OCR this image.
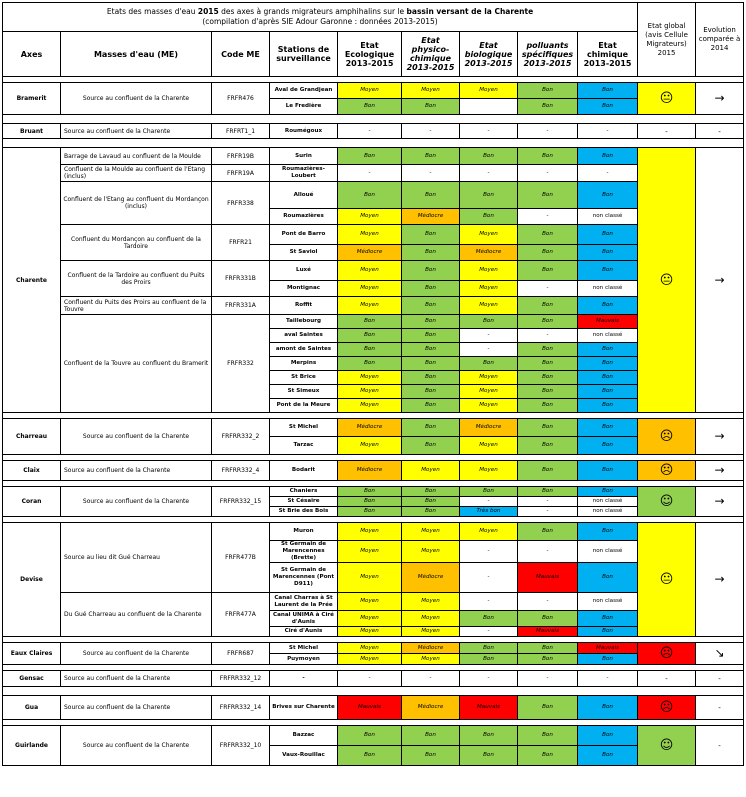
Etats des masses d'eau 2015 des axes à grands migrateurs amphihalins sur le bassin versant de la Charente
(compilation d'après SIE Adour Garonne : données 2013-2015)									Etat global (avis Cellule Migrateurs) 2015	Evolution comparée à 2014
Axes	Masses d'eau (ME)	Code ME	Stations de surveillance	Etat Ecologique 2013-2015	Etat physico-chimique 2013-2015	Etat biologique 2013-2015	polluants spécifiques 2013-2015	Etat chimique 2013-2015		

Bramerit	Source au confluent de la Charente	FRFR476	Aval de Grandjean	Moyen	Moyen	Moyen	Bon	Bon	😐	→
			Le Fredière	Bon	Bon		Bon	Bon		

Bruant	Source au confluent de la Charente	FRFRT1_1	Roumégoux	-	-	-	-	-	-	-

Charente	Barrage de Lavaud au confluent de la Moulde	FRFR19B	Surin	Bon	Bon	Bon	Bon	Bon	😐	→
	Confluent de la Moulde au confluent de l'Etang (inclus)	FRFR19A	Roumazières-Loubert	-	-	-	-	-		
	Confluent de l'Etang au confluent du Mordançon (inclus)	FRFR338	Alloué	Bon	Bon	Bon	Bon	Bon		
			Roumazières	Moyen	Médiocre	Bon	-	non classé		
	Confluent du Mordançon au confluent de la Tardoire	FRFR21	Pont de Barro	Moyen	Bon	Moyen	Bon	Bon		
			St Saviol	Médiocre	Bon	Médiocre	Bon	Bon		
	Confluent de la Tardoire au confluent du Puits des Proirs	FRFR331B	Luxé	Moyen	Bon	Moyen	Bon	Bon		
			Montignac	Moyen	Bon	Moyen	-	non classé		
	Confluent du Puits des Proirs au confluent de la Touvre	FRFR331A	Roffit	Moyen	Bon	Moyen	Bon	Bon		
	Confluent de la Touvre au confluent du Bramerit	FRFR332	Taillebourg	Bon	Bon	Bon	Bon	Mauvais		
			aval Saintes	Bon	Bon	-	-	non classé		
			amont de Saintes	Bon	Bon	-	Bon	Bon		
			Merpins	Bon	Bon	Bon	Bon	Bon		
			St Brice	Moyen	Bon	Moyen	Bon	Bon		
			St Simeux	Moyen	Bon	Moyen	Bon	Bon		
			Pont de la Meure	Moyen	Bon	Moyen	Bon	Bon		

Charreau	Source au confluent de la Charente	FRFRR332_2	St Michel	Médiocre	Bon	Médiocre	Bon	Bon	☹	→
			Tarzac	Moyen	Bon	Moyen	Bon	Bon		

Claix	Source au confluent de la Charente	FRFRR332_4	Bodarit	Médiocre	Moyen	Moyen	Bon	Bon	☹	→

Coran	Source au confluent de la Charente	FRFRR332_15	Chaniers	Bon	Bon	Bon	Bon	Bon	☺	→
			St Césaire	Bon	Bon	-	-	non classé		
			St Brie des Bois	Bon	Bon	Très bon	-	non classé		

Devise	Source au lieu dit Gué Charreau	FRFR477B	Muron	Moyen	Moyen	Moyen	Bon	Bon	😐	→
			St Germain de Marencennes (Brette)	Moyen	Moyen	-	-	non classé		
			St Germain de Marencennes (Pont D911)	Moyen	Médiocre	-	Mauvais	Bon		
	Du Gué Charreau au confluent de la Charente	FRFR477A	Canal Charras à St Laurent de la Prée	Moyen	Moyen	-	-	non classé		
			Canal UNIMA à Ciré d'Aunis	Moyen	Moyen	Bon	Bon	Bon		
			Ciré d'Aunis	Moyen	Moyen	-	Mauvais	Bon		

Eaux Claires	Source au confluent de la Charente	FRFR687	St Michel	Moyen	Médiocre	Bon	Bon	Mauvais	☹	↘
			Puymoyen	Moyen	Moyen	Bon	Bon	Bon		

Gensac	Source au confluent de la Charente	FRFRR332_12	-	-	-	-	-	-	-	-

Gua	Source au confluent de la Charente	FRFRR332_14	Brives sur Charente	Mauvais	Médiocre	Mauvais	Bon	Bon	☹	-

Guirlande	Source au confluent de la Charente	FRFRR332_10	Bazzac	Bon	Bon	Bon	Bon	Bon	☺	-
			Vaux-Rouillac	Bon	Bon	Bon	Bon	Bon		
